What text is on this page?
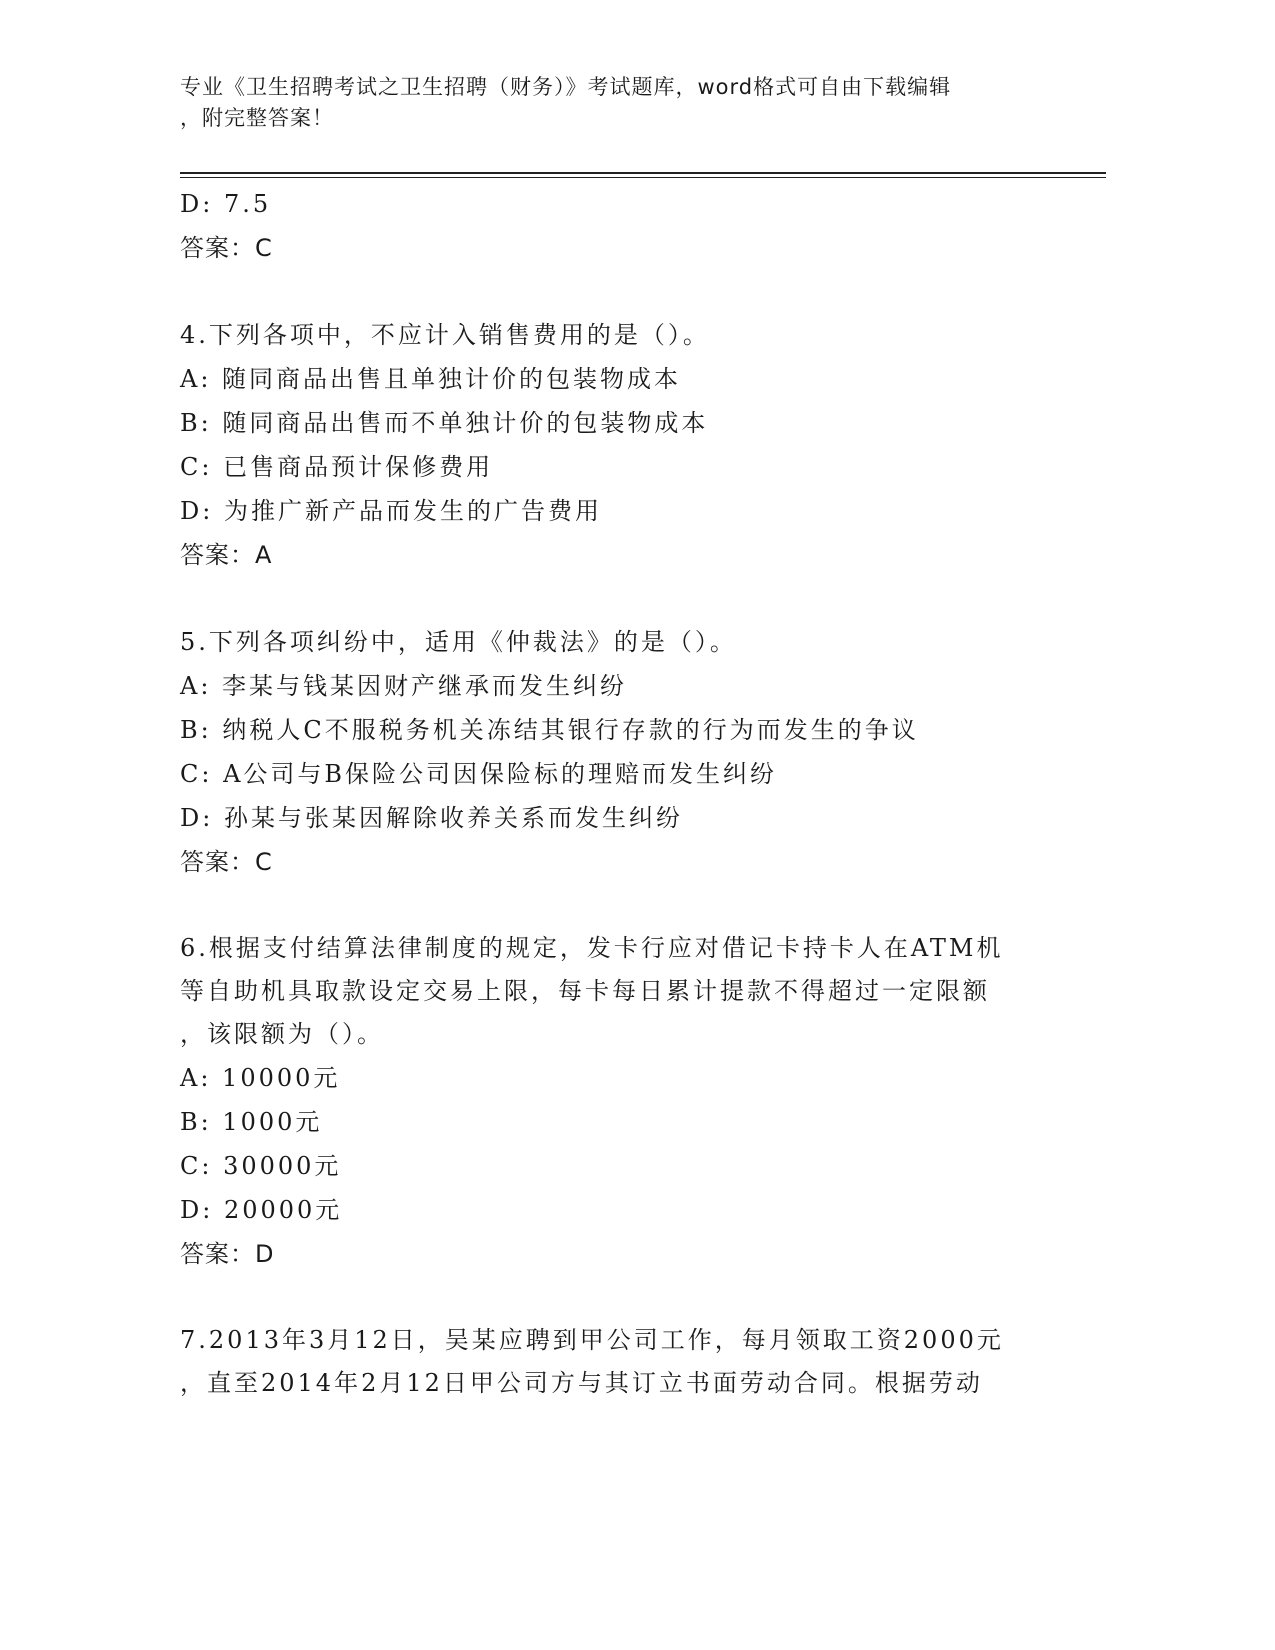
专业《卫生招聘考试之卫生招聘（财务）》考试题库，word格式可自由下载编辑
，附完整答案！
D: 7.5
答案：C
4.下列各项中，不应计入销售费用的是（）。
A: 随同商品出售且单独计价的包装物成本
B: 随同商品出售而不单独计价的包装物成本
C: 已售商品预计保修费用
D: 为推广新产品而发生的广告费用
答案：A
5.下列各项纠纷中，适用《仲裁法》的是（）。
A: 李某与钱某因财产继承而发生纠纷
B: 纳税人C不服税务机关冻结其银行存款的行为而发生的争议
C: A公司与B保险公司因保险标的理赔而发生纠纷
D: 孙某与张某因解除收养关系而发生纠纷
答案：C
6.根据支付结算法律制度的规定，发卡行应对借记卡持卡人在ATM机
等自助机具取款设定交易上限，每卡每日累计提款不得超过一定限额
，该限额为（）。
A: 10000元
B: 1000元
C: 30000元
D: 20000元
答案：D
7.2013年3月12日，吴某应聘到甲公司工作，每月领取工资2000元
，直至2014年2月12日甲公司方与其订立书面劳动合同。根据劳动
